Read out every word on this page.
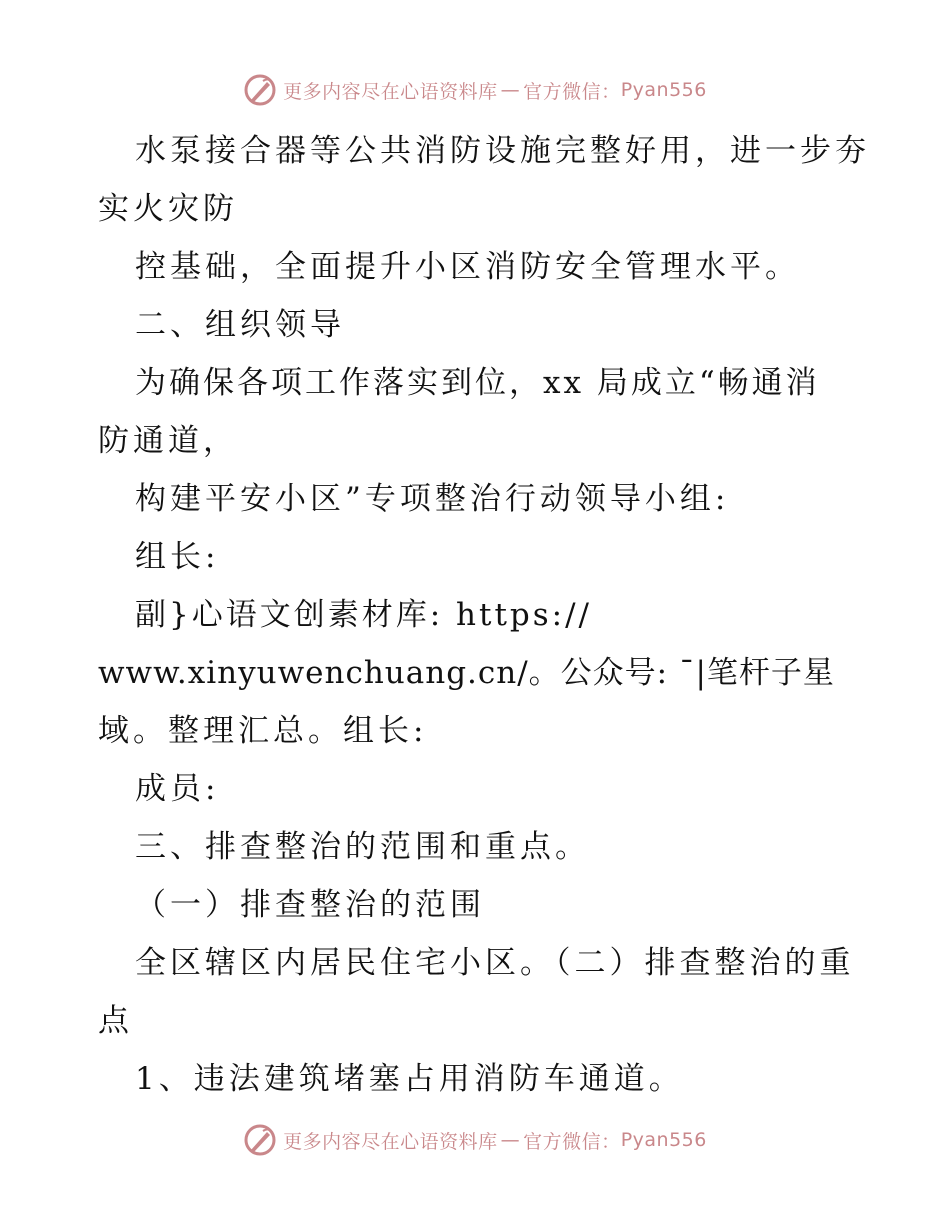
更多内容尽在心语资料库 — 官方微信： Pyan556
水泵接合器等公共消防设施完整好用，进一步夯
实火灾防
控基础，全面提升小区消防安全管理水平。
二、组织领导
为确保各项工作落实到位，xx 局成立“畅通消
防通道，
构建平安小区”专项整治行动领导小组:
组长:
副}心语文创素材库: https://
www.xinyuwenchuang.cn/。公众号: ¯|笔杆子星
域。整理汇总。组长:
成员:
三、排查整治的范围和重点。
（一）排查整治的范围
全区辖区内居民住宅小区。（二）排查整治的重
点
1、违法建筑堵塞占用消防车通道。
更多内容尽在心语资料库 — 官方微信： Pyan556
